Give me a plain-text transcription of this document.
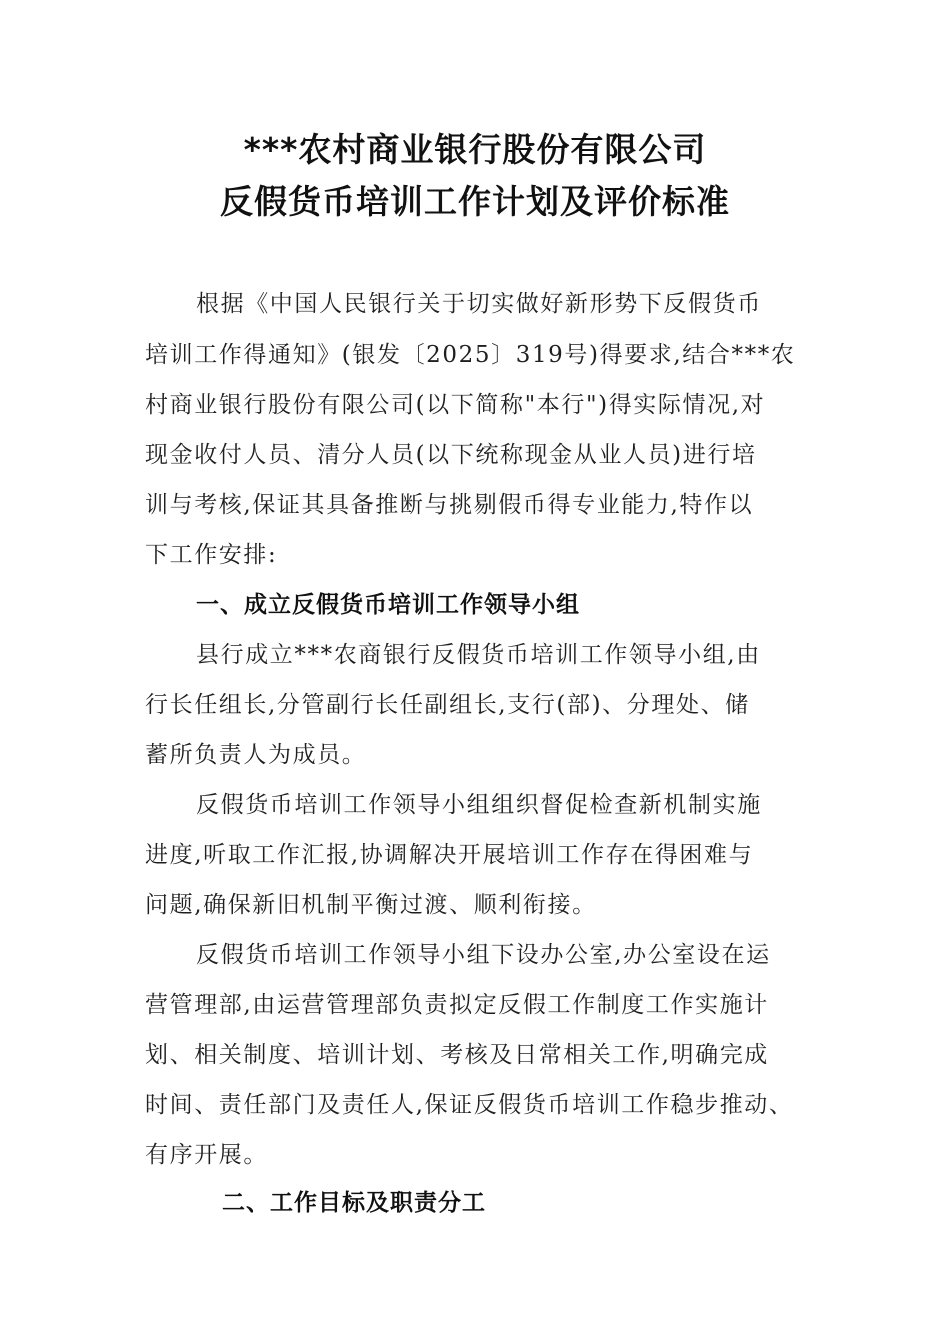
***农村商业银行股份有限公司
反假货币培训工作计划及评价标准
根据《中国人民银行关于切实做好新形势下反假货币
培训工作得通知》(银发〔2025〕319号)得要求,结合***农
村商业银行股份有限公司(以下简称"本行")得实际情况,对
现金收付人员、清分人员(以下统称现金从业人员)进行培
训与考核,保证其具备推断与挑剔假币得专业能力,特作以
下工作安排:
一、成立反假货币培训工作领导小组
县行成立***农商银行反假货币培训工作领导小组,由
行长任组长,分管副行长任副组长,支行(部)、分理处、储
蓄所负责人为成员。
反假货币培训工作领导小组组织督促检查新机制实施
进度,听取工作汇报,协调解决开展培训工作存在得困难与
问题,确保新旧机制平衡过渡、顺利衔接。
反假货币培训工作领导小组下设办公室,办公室设在运
营管理部,由运营管理部负责拟定反假工作制度工作实施计
划、相关制度、培训计划、考核及日常相关工作,明确完成
时间、责任部门及责任人,保证反假货币培训工作稳步推动、
有序开展。
二、工作目标及职责分工
